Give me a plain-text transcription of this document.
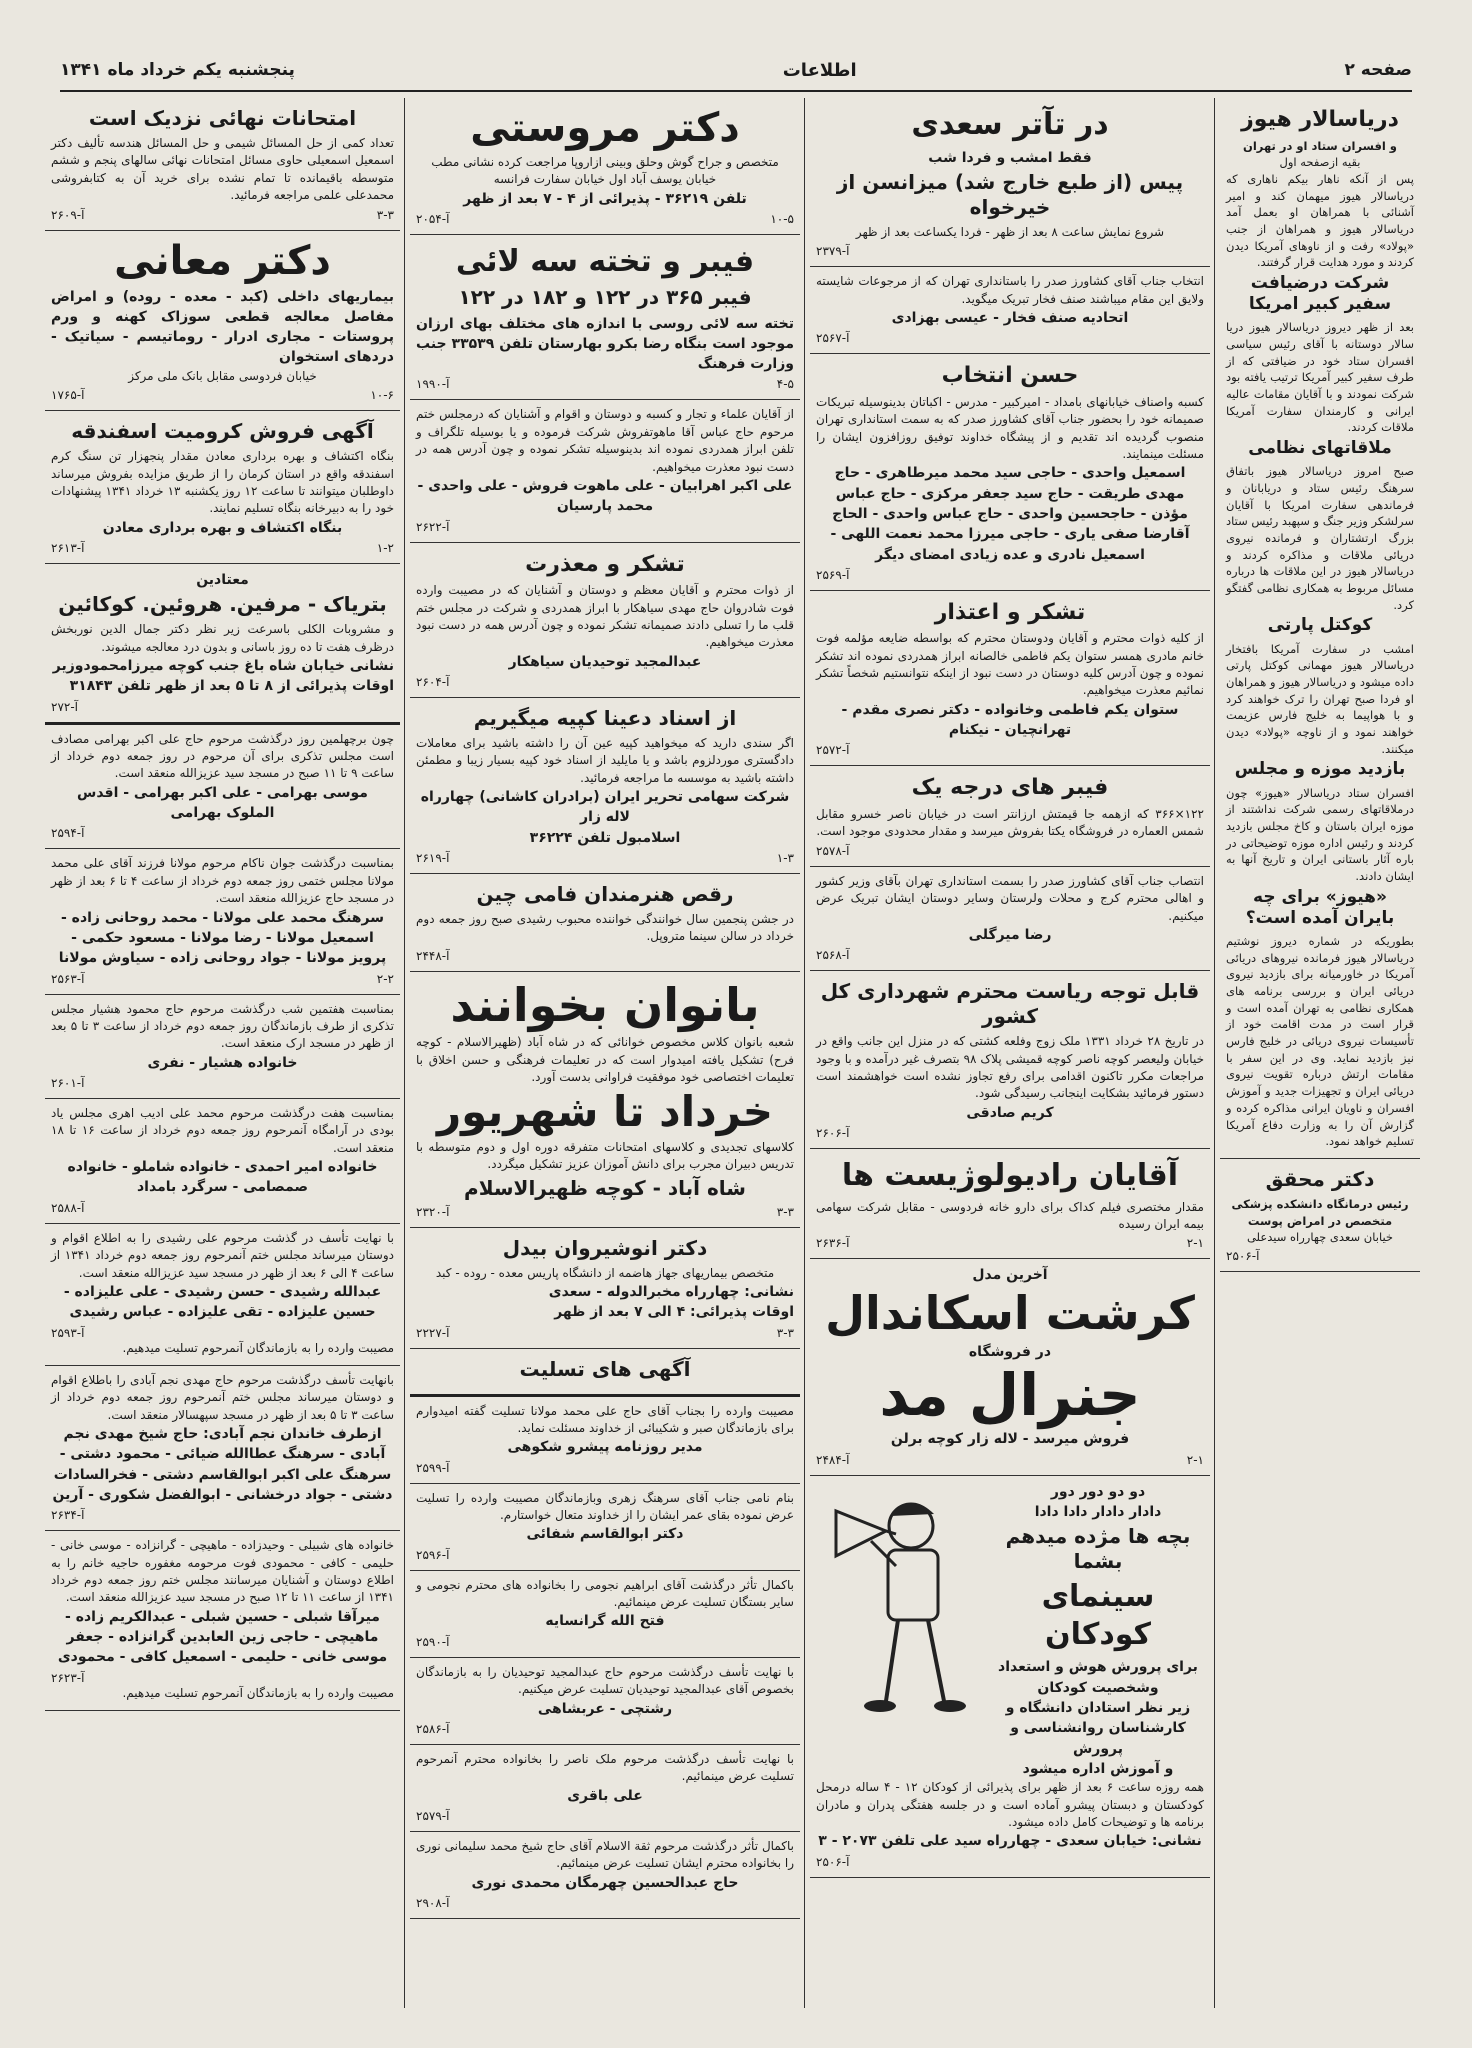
صفحه ۲
اطلاعات
پنجشنبه یکم خرداد ماه ۱۳۴۱
دریاسالار هیوز
و افسران ستاد او در تهران
بقیه ازصفحه اول
پس از آنکه ناهار بیکم ناهاری که دریاسالار هیوز میهمان کند و امیر آشنائی با همراهان او بعمل آمد دریاسالار هیوز و همراهان از جنب «پولاد» رفت و از ناوهای آمریکا دیدن کردند و مورد هدایت قرار گرفتند.
شرکت درضیافت سفیر کبیر امریکا
بعد از ظهر دیروز دریاسالار هیوز دریا سالار دوستانه با آقای رئیس سیاسی افسران ستاد خود در ضیافتی که از طرف سفیر کبیر آمریکا ترتیب یافته بود شرکت نمودند و با آقایان مقامات عالیه ایرانی و کارمندان سفارت آمریکا ملاقات کردند.
ملاقاتهای نظامی
صبح امروز دریاسالار هیوز باتفاق سرهنگ رئیس ستاد و دریابانان و فرماندهی سفارت امریکا با آقایان سرلشکر وزیر جنگ و سپهبد رئیس ستاد بزرگ ارتشتاران و فرمانده نیروی دریائی ملاقات و مذاکره کردند و دریاسالار هیوز در این ملاقات ها درباره مسائل مربوط به همکاری نظامی گفتگو کرد.
کوکتل پارتی
امشب در سفارت آمریکا بافتخار دریاسالار هیوز مهمانی کوکتل پارتی داده میشود و دریاسالار هیوز و همراهان او فردا صبح تهران را ترک خواهند کرد و با هواپیما به خلیج فارس عزیمت خواهند نمود و از ناوچه «پولاد» دیدن میکنند.
بازدید موزه و مجلس
افسران ستاد دریاسالار «هیوز» چون درملاقاتهای رسمی شرکت نداشتند از موزه ایران باستان و کاخ مجلس بازدید کردند و رئیس اداره موزه توضیحاتی در باره آثار باستانی ایران و تاریخ آنها به ایشان دادند.
«هیوز» برای چه بایران آمده است؟
بطوریکه در شماره دیروز نوشتیم دریاسالار هیوز فرمانده نیروهای دریائی آمریکا در خاورمیانه برای بازدید نیروی دریائی ایران و بررسی برنامه های همکاری نظامی به تهران آمده است و قرار است در مدت اقامت خود از تأسیسات نیروی دریائی در خلیج فارس نیز بازدید نماید. وی در این سفر با مقامات ارتش درباره تقویت نیروی دریائی ایران و تجهیزات جدید و آموزش افسران و ناویان ایرانی مذاکره کرده و گزارش آن را به وزارت دفاع آمریکا تسلیم خواهد نمود.
دکتر محقق
رئیس درمانگاه دانشکده پزشکی متخصص در امراض پوست
خیابان سعدی چهارراه سیدعلی
آ-۲۵۰۶
در تآتر سعدی
فقط امشب و فردا شب
پیس (از طبع خارج شد) میزانسن از خیرخواه
شروع نمایش ساعت ۸ بعد از ظهر - فردا یکساعت بعد از ظهر
آ-۲۳۷۹
انتخاب جناب آقای کشاورز صدر را باستانداری تهران که از مرجوعات شایسته ولایق این مقام میباشند صنف فخار تبریک میگوید.
اتحادیه صنف فخار - عیسی بهزادی
آ-۲۵۶۷
حسن انتخاب
کسبه واصناف خیابانهای بامداد - امیرکبیر - مدرس - اکباتان بدینوسیله تبریکات صمیمانه خود را بحضور جناب آقای کشاورز صدر که به سمت استانداری تهران منصوب گردیده اند تقدیم و از پیشگاه خداوند توفیق روزافزون ایشان را مسئلت مینمایند.
اسمعیل واحدی - حاجی سید محمد میرطاهری - حاج مهدی طریقت - حاج سید جعفر مرکزی - حاج عباس مؤذن - حاجحسین واحدی - حاج عباس واحدی - الحاج آقارضا صفی یاری - حاجی میرزا محمد نعمت اللهی - اسمعیل نادری و عده زیادی امضای دیگر
آ-۲۵۶۹
تشکر و اعتذار
از کلیه ذوات محترم و آقایان ودوستان محترم که بواسطه ضایعه مؤلمه فوت خانم مادری همسر ستوان یکم فاطمی خالصانه ابراز همدردی نموده اند تشکر نموده و چون آدرس کلیه دوستان در دست نبود از اینکه نتوانستیم شخصاً تشکر نمائیم معذرت میخواهیم.
ستوان یکم فاطمی وخانواده - دکتر نصری مقدم - تهرانچیان - نیکنام
آ-۲۵۷۲
فیبر های درجه یک
۱۲۲×۳۶۶ که ازهمه جا قیمتش ارزانتر است در خیابان ناصر خسرو مقابل شمس العماره در فروشگاه یکتا بفروش میرسد و مقدار محدودی موجود است.
آ-۲۵۷۸
انتصاب جناب آقای کشاورز صدر را بسمت استانداری تهران بآقای وزیر کشور و اهالی محترم کرج و محلات ولرستان وسایر دوستان ایشان تبریک عرض میکنیم.
رضا میرگلی
آ-۲۵۶۸
قابل توجه ریاست محترم شهرداری کل کشور
در تاریخ ۲۸ خرداد ۱۳۳۱ ملک زوج وفلعه کشتی که در منزل این جانب واقع در خیابان ولیعصر کوچه ناصر کوچه قمیشی پلاک ۹۸ بتصرف غیر درآمده و با وجود مراجعات مکرر تاکنون اقدامی برای رفع تجاوز نشده است خواهشمند است دستور فرمائید بشکایت اینجانب رسیدگی شود.
کریم صادقی
آ-۲۶۰۶
آقایان رادیولوژیست ها
مقدار مختصری فیلم کداک برای دارو خانه فردوسی - مقابل شرکت سهامی بیمه ایران رسیده
آ-۲۶۳۶	۲-۱
آخرین مدل
کرشت اسکاندال
در فروشگاه
جنرال مد
فروش میرسد - لاله زار کوچه برلن
آ-۲۴۸۴	۲-۱
دو دو دور دور
دادار دادار دادا دادا
بچه ها مژده میدهم بشما
سینمای کودکان
برای پرورش هوش و استعداد
وشخصیت کودکان
زیر نظر استادان دانشگاه و
کارشناسان روانشناسی و پرورش
و آموزش اداره میشود
همه روزه ساعت ۶ بعد از ظهر برای پذیرائی از کودکان ۱۲ - ۴ ساله درمحل کودکستان و دبستان پیشرو آماده است و در جلسه هفتگی پدران و مادران برنامه ها و توضیحات کامل داده میشود.
نشانی: خیابان سعدی - چهارراه سید علی تلفن ۲۰۷۳ - ۳
آ-۲۵۰۶
دکتر مروستی
متخصص و جراح گوش وحلق وبینی ازاروپا مراجعت کرده نشانی مطب خیابان یوسف آباد اول خیابان سفارت فرانسه
تلفن ۳۶۲۱۹ - پذیرائی از ۴ - ۷ بعد از ظهر
آ-۲۰۵۴	۱۰-۵
فیبر و تخته سه لائی
فیبر ۳۶۵ در ۱۲۲ و ۱۸۲ در ۱۲۲
تخته سه لائی روسی با اندازه های مختلف بهای ارزان موجود است بنگاه رضا بکرو بهارستان تلفن ۳۳۵۳۹ جنب وزارت فرهنگ
آ-۱۹۹۰	۴-۵
از آقایان علماء و تجار و کسبه و دوستان و اقوام و آشنایان که درمجلس ختم مرحوم حاج عباس آقا ماهوتفروش شرکت فرموده و یا بوسیله تلگراف و تلفن ابراز همدردی نموده اند بدینوسیله تشکر نموده و چون آدرس همه در دست نبود معذرت میخواهیم.
علی اکبر اهرابیان - علی ماهوت فروش - علی واحدی - محمد پارسیان
آ-۲۶۲۲
تشکر و معذرت
از ذوات محترم و آقایان معظم و دوستان و آشنایان که در مصیبت وارده فوت شادروان حاج مهدی سیاهکار با ابراز همدردی و شرکت در مجلس ختم قلب ما را تسلی دادند صمیمانه تشکر نموده و چون آدرس همه در دست نبود معذرت میخواهیم.
عبدالمجید توحیدیان سیاهکار
آ-۲۶۰۴
از اسناد دعینا کپیه میگیریم
اگر سندی دارید که میخواهید کپیه عین آن را داشته باشید برای معاملات دادگستری موردلزوم باشد و یا مایلید از اسناد خود کپیه بسیار زیبا و مطمئن داشته باشید به موسسه ما مراجعه فرمائید.
شرکت سهامی تحریر ایران (برادران کاشانی) چهارراه لاله زار
اسلامبول تلفن ۳۶۲۲۴
آ-۲۶۱۹	۱-۳
رقص هنرمندان فامی چین
در جشن پنجمین سال خوانندگی خواننده محبوب رشیدی صبح روز جمعه دوم خرداد در سالن سینما متروپل.
آ-۲۴۴۸
بانوان بخوانند
شعبه بانوان کلاس مخصوص خوانائی که در شاه آباد (ظهیرالاسلام - کوچه فرح) تشکیل یافته امیدوار است که در تعلیمات فرهنگی و حسن اخلاق با تعلیمات اختصاصی خود موفقیت فراوانی بدست آورد.
خرداد تا شهریور
کلاسهای تجدیدی و کلاسهای امتحانات متفرقه دوره اول و دوم متوسطه با تدریس دبیران مجرب برای دانش آموزان عزیز تشکیل میگردد.
شاه آباد - کوچه ظهیرالاسلام
آ-۲۳۲۰	۳-۳
دکتر انوشیروان بیدل
متخصص بیماریهای جهاز هاضمه از دانشگاه پاریس معده - روده - کبد
نشانی: چهارراه مخبرالدوله - سعدی
اوقات پذیرائی: ۴ الی ۷ بعد از ظهر
آ-۲۲۲۷	۳-۳
آگهی های تسلیت
مصیبت وارده را بجناب آقای حاج علی محمد مولانا تسلیت گفته امیدوارم برای بازماندگان صبر و شکیبائی از خداوند مسئلت نماید.
مدیر روزنامه پیشرو شکوهی
آ-۲۵۹۹
بنام نامی جناب آقای سرهنگ زهری وبازماندگان مصیبت وارده را تسلیت عرض نموده بقای عمر ایشان را از خداوند متعال خواستارم.
دکتر ابوالقاسم شفائی
آ-۲۵۹۶
باکمال تأثر درگذشت آقای ابراهیم نجومی را بخانواده های محترم نجومی و سایر بستگان تسلیت عرض مینمائیم.
فتح الله گرانسایه
آ-۲۵۹۰
با نهایت تأسف درگذشت مرحوم حاج عبدالمجید توحیدیان را به بازماندگان بخصوص آقای عبدالمجید توحیدیان تسلیت عرض میکنیم.
رشتچی - عربشاهی
آ-۲۵۸۶
با نهایت تأسف درگذشت مرحوم ملک ناصر را بخانواده محترم آنمرحوم تسلیت عرض مینمائیم.
علی باقری
آ-۲۵۷۹
باکمال تأثر درگذشت مرحوم ثقة الاسلام آقای حاج شیخ محمد سلیمانی نوری را بخانواده محترم ایشان تسلیت عرض مینمائیم.
حاج عبدالحسین چهرمگان محمدی نوری
آ-۲۹۰۸
امتحانات نهائی نزدیک است
تعداد کمی از حل المسائل شیمی و حل المسائل هندسه تألیف دکتر اسمعیل اسمعیلی حاوی مسائل امتحانات نهائی سالهای پنجم و ششم متوسطه باقیمانده تا تمام نشده برای خرید آن به کتابفروشی محمدعلی علمی مراجعه فرمائید.
آ-۲۶۰۹	۳-۳
دکتر معانی
بیماریهای داخلی (کبد - معده - روده) و امراض مفاصل معالجه قطعی سوزاک کهنه و ورم پروستات - مجاری ادرار - روماتیسم - سیاتیک - دردهای استخوان
خیابان فردوسی مقابل بانک ملی مرکز
آ-۱۷۶۵	۱۰-۶
آگهی فروش کرومیت اسفندقه
بنگاه اکتشاف و بهره برداری معادن مقدار پنجهزار تن سنگ کرم اسفندقه واقع در استان کرمان را از طریق مزایده بفروش میرساند داوطلبان میتوانند تا ساعت ۱۲ روز یکشنبه ۱۳ خرداد ۱۳۴۱ پیشنهادات خود را به دبیرخانه بنگاه تسلیم نمایند.
بنگاه اکتشاف و بهره برداری معادن
آ-۲۶۱۳	۱-۲
معتادین
بتریاک - مرفین. هروئین. کوکائین
و مشروبات الکلی باسرعت زیر نظر دکتر جمال الدین نوربخش درظرف هفت تا ده روز باسانی و بدون درد معالجه میشوند.
نشانی خیابان شاه باغ جنب کوچه میرزامحمودوزیر
اوقات پذیرائی از ۸ تا ۵ بعد از ظهر تلفن ۳۱۸۴۳
آ-۲۷۲
چون برچهلمین روز درگذشت مرحوم حاج علی اکبر بهرامی مصادف است مجلس تذکری برای آن مرحوم در روز جمعه دوم خرداد از ساعت ۹ تا ۱۱ صبح در مسجد سید عزیزالله منعقد است.
موسی بهرامی - علی اکبر بهرامی - اقدس الملوک بهرامی
آ-۲۵۹۴
بمناسبت درگذشت جوان ناکام مرحوم مولانا فرزند آقای علی محمد مولانا مجلس ختمی روز جمعه دوم خرداد از ساعت ۴ تا ۶ بعد از ظهر در مسجد حاج عزیزالله منعقد است.
سرهنگ محمد علی مولانا - محمد روحانی زاده - اسمعیل مولانا - رضا مولانا - مسعود حکمی - پرویز مولانا - جواد روحانی زاده - سیاوش مولانا
آ-۲۵۶۳	۲-۲
بمناسبت هفتمین شب درگذشت مرحوم حاج محمود هشیار مجلس تذکری از طرف بازماندگان روز جمعه دوم خرداد از ساعت ۳ تا ۵ بعد از ظهر در مسجد ارک منعقد است.
خانواده هشیار - نفری
آ-۲۶۰۱
بمناسبت هفت درگذشت مرحوم محمد علی ادیب اهری مجلس یاد بودی در آرامگاه آنمرحوم روز جمعه دوم خرداد از ساعت ۱۶ تا ۱۸ منعقد است.
خانواده امیر احمدی - خانواده شاملو - خانواده صمصامی - سرگرد بامداد
آ-۲۵۸۸
با نهایت تأسف در گذشت مرحوم علی رشیدی را به اطلاع اقوام و دوستان میرساند مجلس ختم آنمرحوم روز جمعه دوم خرداد ۱۳۴۱ از ساعت ۴ الی ۶ بعد از ظهر در مسجد سید عزیزالله منعقد است.
عبدالله رشیدی - حسن رشیدی - علی علیزاده - حسین علیزاده - تقی علیزاده - عباس رشیدی
آ-۲۵۹۳
مصیبت وارده را به بازماندگان آنمرحوم تسلیت میدهیم.
بانهایت تأسف درگذشت مرحوم حاج مهدی نجم آبادی را باطلاع اقوام و دوستان میرساند مجلس ختم آنمرحوم روز جمعه دوم خرداد از ساعت ۳ تا ۵ بعد از ظهر در مسجد سپهسالار منعقد است.
ازطرف خاندان نجم آبادی: حاج شیخ مهدی نجم آبادی - سرهنگ عطاالله ضیائی - محمود دشتی - سرهنگ علی اکبر ابوالقاسم دشتی - فخرالسادات دشتی - جواد درخشانی - ابوالفضل شکوری - آرین
آ-۲۶۳۴
خانواده های شبیلی - وحیدزاده - ماهیچی - گرانزاده - موسی خانی - حلیمی - کافی - محمودی فوت مرحومه مغفوره حاجیه خانم را به اطلاع دوستان و آشنایان میرسانند مجلس ختم روز جمعه دوم خرداد ۱۳۴۱ از ساعت ۱۱ تا ۱۲ صبح در مسجد سید عزیزالله منعقد است.
میرآقا شبلی - حسین شبلی - عبدالکریم زاده - ماهیچی - حاجی زین العابدین گرانزاده - جعفر موسی خانی - حلیمی - اسمعیل کافی - محمودی
آ-۲۶۲۳
مصیبت وارده را به بازماندگان آنمرحوم تسلیت میدهیم.
